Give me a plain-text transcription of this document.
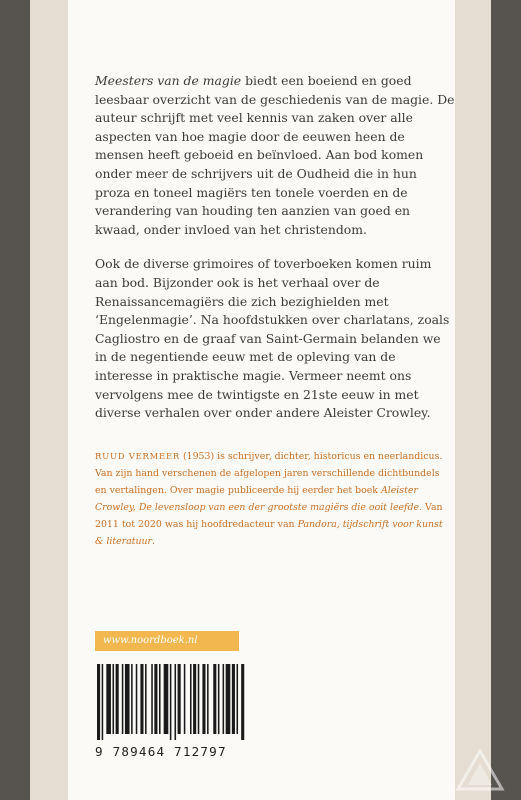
Meesters van de magie biedt een boeiend en goed leesbaar overzicht van de geschiedenis van de magie. De auteur schrijft met veel kennis van zaken over alle aspecten van hoe magie door de eeuwen heen de mensen heeft geboeid en beïnvloed. Aan bod komen onder meer de schrijvers uit de Oudheid die in hun proza en toneel magiërs ten tonele voerden en de verandering van houding ten aanzien van goed en kwaad, onder invloed van het christendom.

Ook de diverse grimoires of toverboeken komen ruim aan bod. Bijzonder ook is het verhaal over de Renaissancemagiërs die zich bezighielden met ‘Engelenmagie’. Na hoofdstukken over charlatans, zoals Cagliostro en de graaf van Saint-Germain belanden we in de negentiende eeuw met de opleving van de interesse in praktische magie. Vermeer neemt ons vervolgens mee de twintigste en 21ste eeuw in met diverse verhalen over onder andere Aleister Crowley.

RUUD VERMEER (1953) is schrijver, dichter, historicus en neerlandicus. Van zijn hand verschenen de afgelopen jaren verschillende dichtbundels en vertalingen. Over magie publiceerde hij eerder het boek Aleister Crowley, De levensloop van een der grootste magiërs die ooit leefde. Van 2011 tot 2020 was hij hoofdredacteur van Pandora, tijdschrift voor kunst & literatuur.
www.noordboek.nl
9 789464 712797
